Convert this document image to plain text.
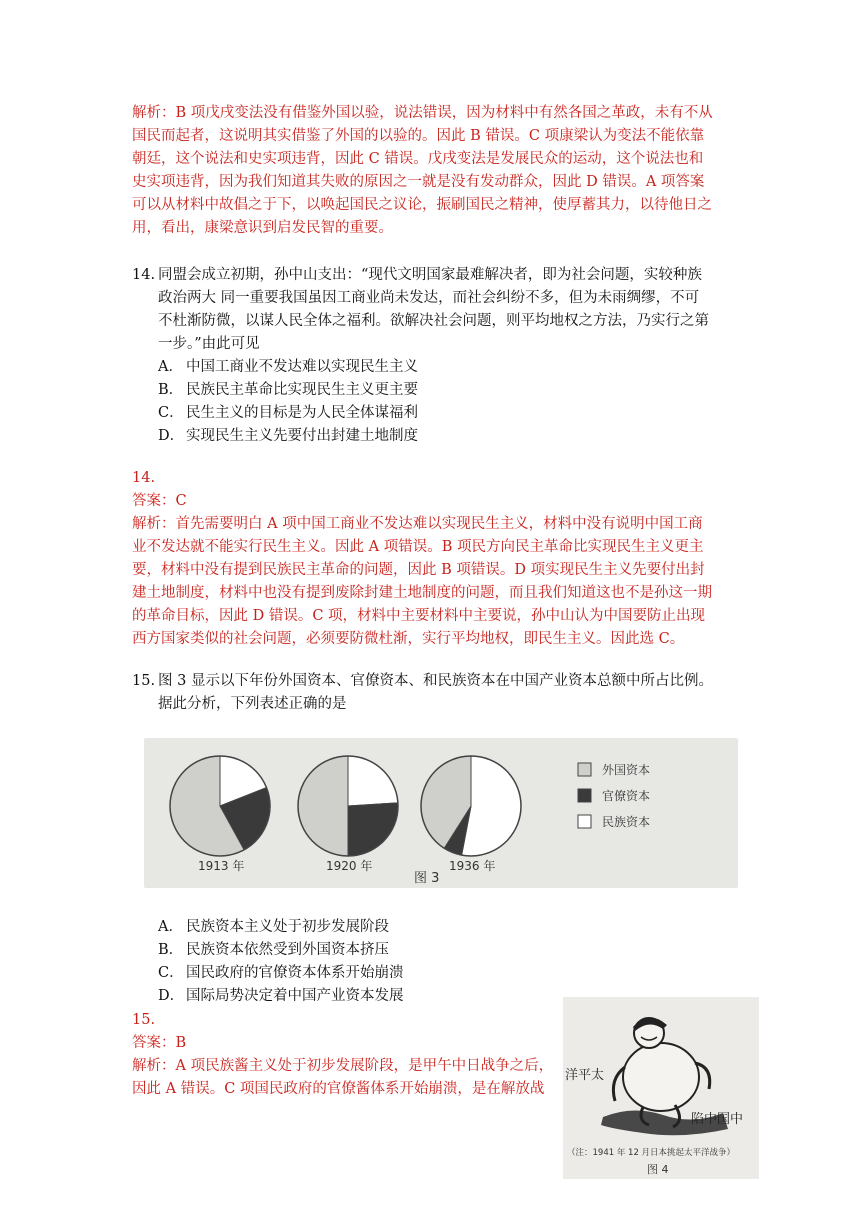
解析：B 项戊戌变法没有借鉴外国以验，说法错误，因为材料中有然各国之革政，未有不从

国民而起者，这说明其实借鉴了外国的以验的。因此 B 错误。C 项康梁认为变法不能依靠

朝廷，这个说法和史实项违背，因此 C 错误。戊戌变法是发展民众的运动，这个说法也和

史实项违背，因为我们知道其失败的原因之一就是没有发动群众，因此 D 错误。A 项答案

可以从材料中故倡之于下，以唤起国民之议论，振刷国民之精神，使厚蓄其力，以待他日之

用，看出，康梁意识到启发民智的重要。

14. 同盟会成立初期，孙中山支出：“现代文明国家最难解决者，即为社会问题，实较种族

政治两大 同一重要我国虽因工商业尚未发达，而社会纠纷不多，但为未雨绸缪，不可

不杜渐防微，以谋人民全体之福利。欲解决社会问题，则平均地权之方法，乃实行之第

一步。”由此可见

A． 中国工商业不发达难以实现民生主义
B． 民族民主革命比实现民生主义更主要
C． 民生主义的目标是为人民全体谋福利
D． 实现民生主义先要付出封建土地制度

14.

答案：C

解析：首先需要明白 A 项中国工商业不发达难以实现民生主义，材料中没有说明中国工商

业不发达就不能实行民生主义。因此 A 项错误。B 项民方向民主革命比实现民生主义更主

要，材料中没有提到民族民主革命的问题，因此 B 项错误。D 项实现民生主义先要付出封

建土地制度，材料中也没有提到废除封建土地制度的问题，而且我们知道这也不是孙这一期

的革命目标，因此 D 错误。C 项，材料中主要材料中主要说，孙中山认为中国要防止出现

西方国家类似的社会问题，必须要防微杜渐，实行平均地权，即民生主义。因此选 C。

15. 图 3 显示以下年份外国资本、官僚资本、和民族资本在中国产业资本总额中所占比例。

据此分析，下列表述正确的是

1913 年	1920 年	1936 年
外国资本
官僚资本
民族资本
图 3
A． 民族资本主义处于初步发展阶段
B． 民族资本依然受到外国资本挤压
C． 国民政府的官僚资本体系开始崩溃
D． 国际局势决定着中国产业资本发展

15.

答案：B

解析：A 项民族酱主义处于初步发展阶段，是甲午中日战争之后，

因此 A 错误。C 项国民政府的官僚酱体系开始崩溃，是在解放战

洋平太
陷中国中
（注：1941 年 12 月日本挑起太平洋战争）
图 4
